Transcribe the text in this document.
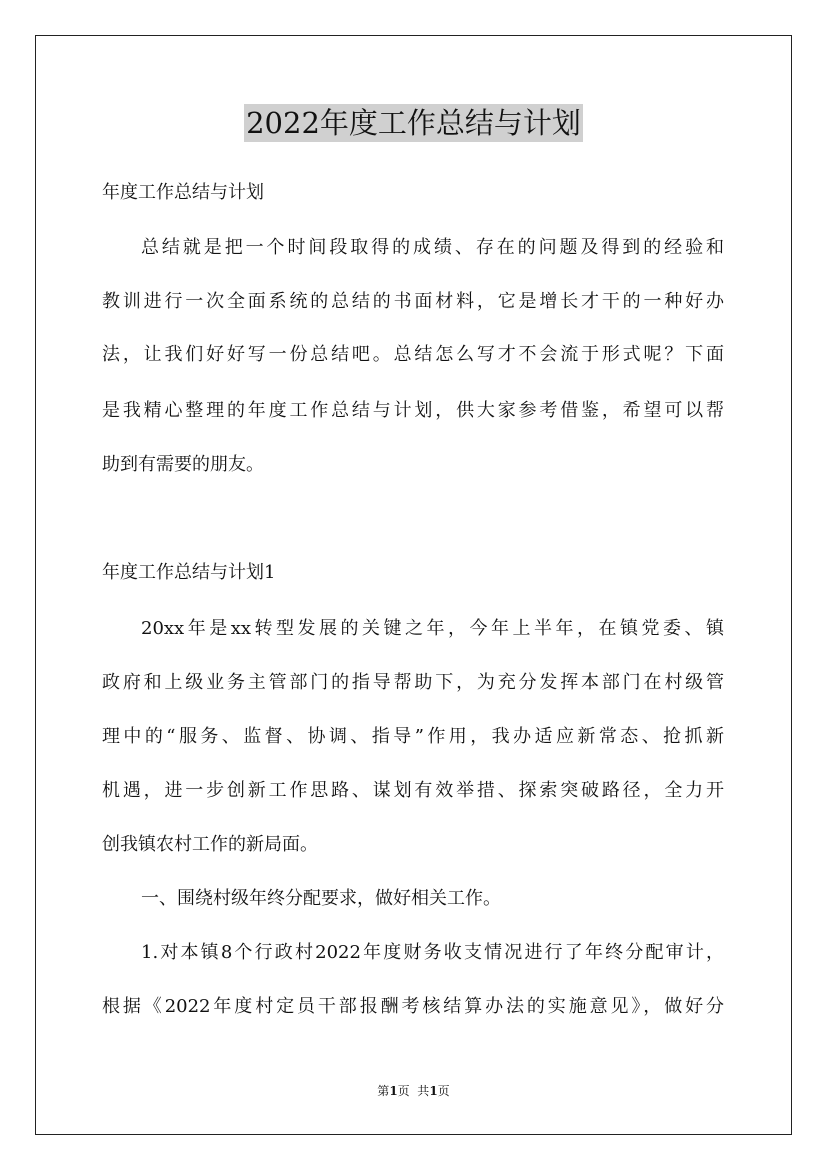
2022年度工作总结与计划
年度工作总结与计划
总结就是把一个时间段取得的成绩、存在的问题及得到的经验和
教训进行一次全面系统的总结的书面材料，它是增长才干的一种好办
法，让我们好好写一份总结吧。总结怎么写才不会流于形式呢？下面
是我精心整理的年度工作总结与计划，供大家参考借鉴，希望可以帮
助到有需要的朋友。
年度工作总结与计划1
20xx年是xx转型发展的关键之年，今年上半年，在镇党委、镇
政府和上级业务主管部门的指导帮助下，为充分发挥本部门在村级管
理中的“服务、监督、协调、指导”作用，我办适应新常态、抢抓新
机遇，进一步创新工作思路、谋划有效举措、探索突破路径，全力开
创我镇农村工作的新局面。
一、围绕村级年终分配要求，做好相关工作。
1.对本镇8个行政村2022年度财务收支情况进行了年终分配审计，
根据《2022年度村定员干部报酬考核结算办法的实施意见》，做好分
第1页  共1页
